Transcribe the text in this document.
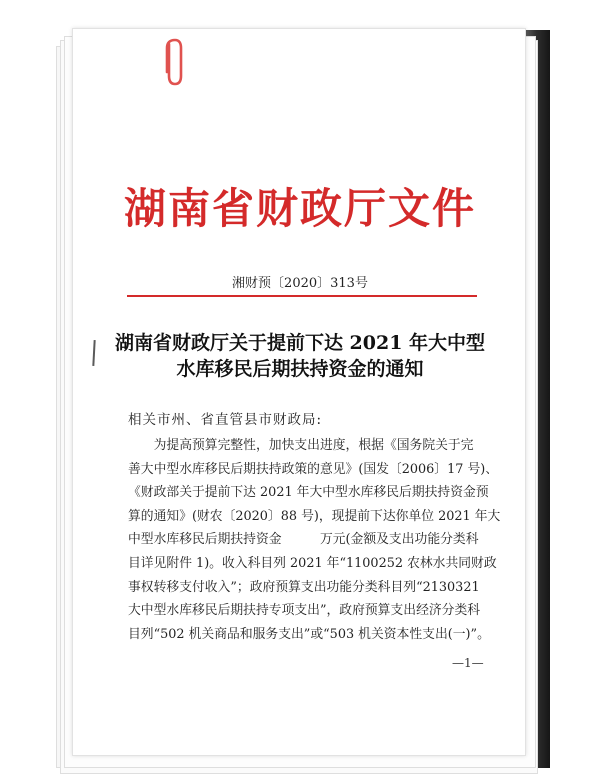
湖南省财政厅文件
湘财预〔2020〕313号
湖南省财政厅关于提前下达 2021 年大中型
水库移民后期扶持资金的通知
相关市州、省直管县市财政局:
　　为提高预算完整性，加快支出进度，根据《国务院关于完
善大中型水库移民后期扶持政策的意见》(国发〔2006〕17 号)、
《财政部关于提前下达 2021 年大中型水库移民后期扶持资金预
算的通知》(财农〔2020〕88 号)，现提前下达你单位 2021 年大
中型水库移民后期扶持资金　　　万元(金额及支出功能分类科
目详见附件 1)。收入科目列 2021 年“1100252 农林水共同财政
事权转移支付收入”；政府预算支出功能分类科目列“2130321
大中型水库移民后期扶持专项支出”，政府预算支出经济分类科
目列“502 机关商品和服务支出”或“503 机关资本性支出(一)”。
—1—
